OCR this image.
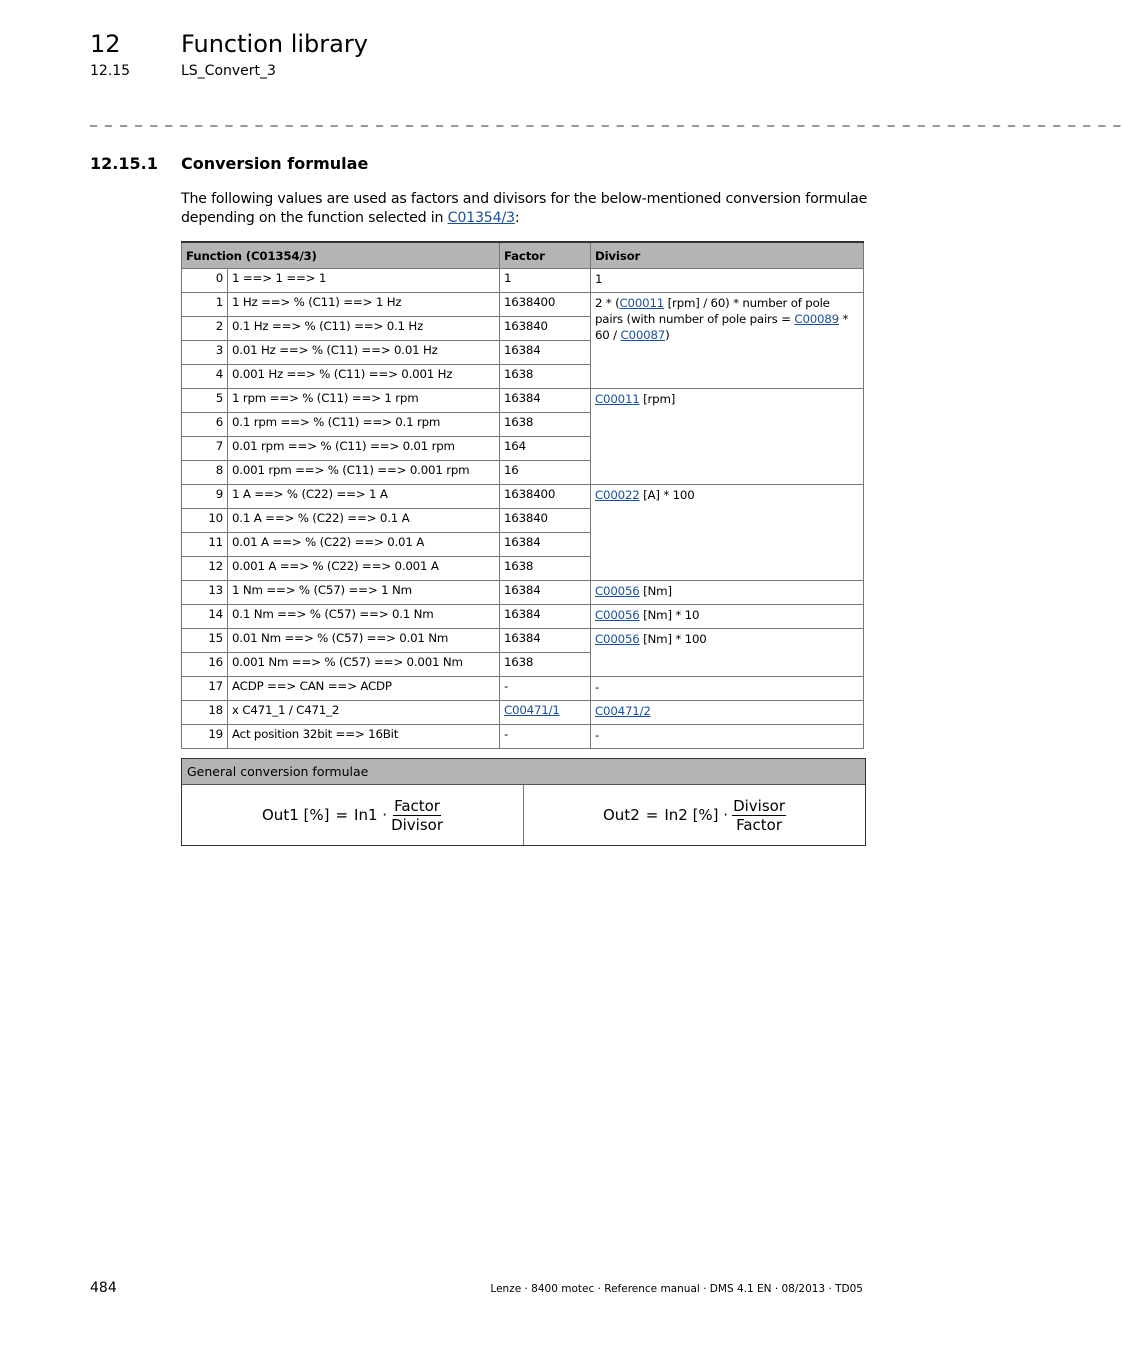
12	Function library
12.15	LS_Convert_3
_ _ _ _ _ _ _ _ _ _ _ _ _ _ _ _ _ _ _ _ _ _ _ _ _ _ _ _ _ _ _ _ _ _ _ _ _ _ _ _ _ _ _ _ _ _ _ _ _ _ _ _ _ _ _ _ _ _ _ _ _ _ _ _ _ _ _ _ _
12.15.1 Conversion formulae
The following values are used as factors and divisors for the below-mentioned conversion formulae depending on the function selected in C01354/3:
Function (C01354/3)		Factor	Divisor
0	1 ==> 1 ==> 1	1	1
1	1 Hz ==> % (C11) ==> 1 Hz	1638400	2 * (C00011 [rpm] / 60) * number of pole pairs (with number of pole pairs = C00089 * 60 / C00087)
2	0.1 Hz ==> % (C11) ==> 0.1 Hz	163840	
3	0.01 Hz ==> % (C11) ==> 0.01 Hz	16384	
4	0.001 Hz ==> % (C11) ==> 0.001 Hz	1638	
5	1 rpm ==> % (C11) ==> 1 rpm	16384	C00011 [rpm]
6	0.1 rpm ==> % (C11) ==> 0.1 rpm	1638	
7	0.01 rpm ==> % (C11) ==> 0.01 rpm	164	
8	0.001 rpm ==> % (C11) ==> 0.001 rpm	16	
9	1 A ==> % (C22) ==> 1 A	1638400	C00022 [A] * 100
10	0.1 A ==> % (C22) ==> 0.1 A	163840	
11	0.01 A ==> % (C22) ==> 0.01 A	16384	
12	0.001 A ==> % (C22) ==> 0.001 A	1638	
13	1 Nm ==> % (C57) ==> 1 Nm	16384	C00056 [Nm]
14	0.1 Nm ==> % (C57) ==> 0.1 Nm	16384	C00056 [Nm] * 10
15	0.01 Nm ==> % (C57) ==> 0.01 Nm	16384	C00056 [Nm] * 100
16	0.001 Nm ==> % (C57) ==> 0.001 Nm	1638	
17	ACDP ==> CAN ==> ACDP	-	-
18	x C471_1 / C471_2	C00471/1	C00471/2
19	Act position 32bit ==> 16Bit	-	-
General conversion formulae
Out1 [%] = $In1 \cdot \frac{\text{Factor}}{\text{Divisor}}$	Out2 = In2 [%] · $\frac{\text{Divisor}}{\text{Factor}}$
484	Lenze · 8400 motec · Reference manual · DMS 4.1 EN · 08/2013 · TD05
